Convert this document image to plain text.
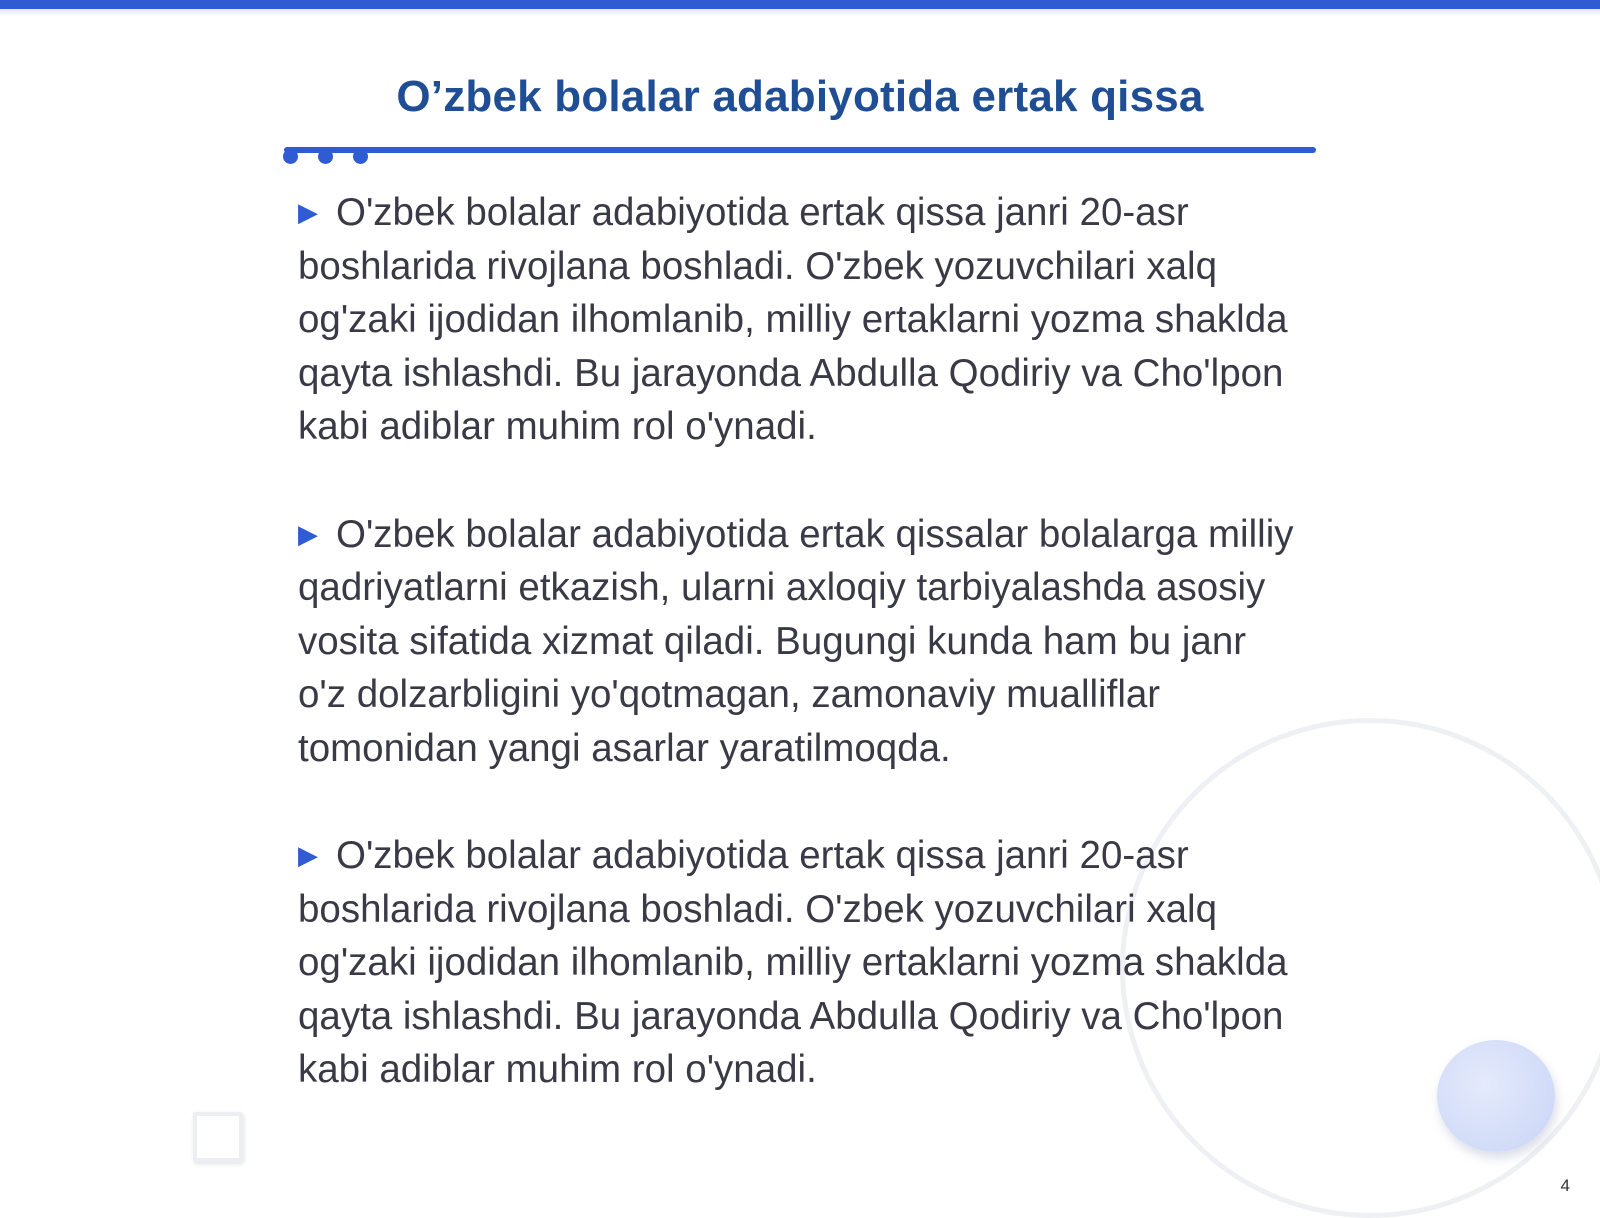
O’zbek bolalar adabiyotida ertak qissa

▶ O'zbek bolalar adabiyotida ertak qissa janri 20-asr boshlarida rivojlana boshladi. O'zbek yozuvchilari xalq og'zaki ijodidan ilhomlanib, milliy ertaklarni yozma shaklda qayta ishlashdi. Bu jarayonda Abdulla Qodiriy va Cho'lpon kabi adiblar muhim rol o'ynadi.

▶ O'zbek bolalar adabiyotida ertak qissalar bolalarga milliy qadriyatlarni etkazish, ularni axloqiy tarbiyalashda asosiy vosita sifatida xizmat qiladi. Bugungi kunda ham bu janr o'z dolzarbligini yo'qotmagan, zamonaviy mualliflar tomonidan yangi asarlar yaratilmoqda.

▶ O'zbek bolalar adabiyotida ertak qissa janri 20-asr boshlarida rivojlana boshladi. O'zbek yozuvchilari xalq og'zaki ijodidan ilhomlanib, milliy ertaklarni yozma shaklda qayta ishlashdi. Bu jarayonda Abdulla Qodiriy va Cho'lpon kabi adiblar muhim rol o'ynadi.

4
